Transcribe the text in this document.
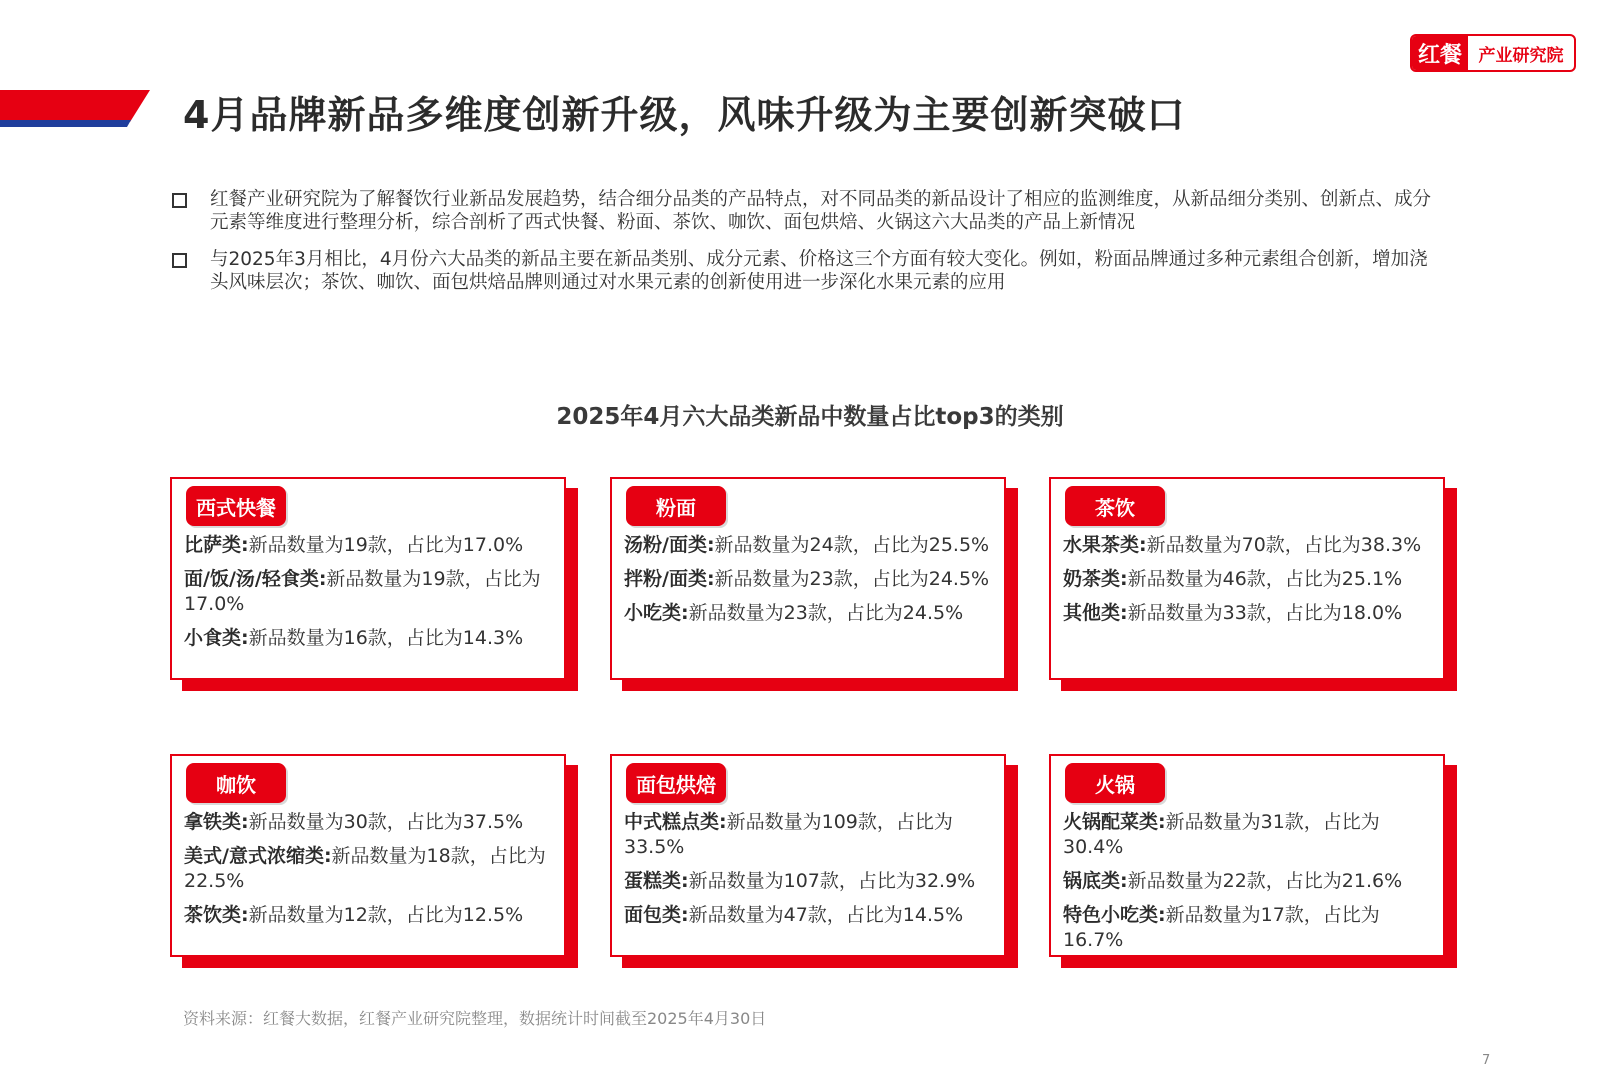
红餐 产业研究院
4月品牌新品多维度创新升级，风味升级为主要创新突破口
红餐产业研究院为了解餐饮行业新品发展趋势，结合细分品类的产品特点，对不同品类的新品设计了相应的监测维度，从新品细分类别、创新点、成分元素等维度进行整理分析，综合剖析了西式快餐、粉面、茶饮、咖饮、面包烘焙、火锅这六大品类的产品上新情况
与2025年3月相比，4月份六大品类的新品主要在新品类别、成分元素、价格这三个方面有较大变化。例如，粉面品牌通过多种元素组合创新，增加浇头风味层次；茶饮、咖饮、面包烘焙品牌则通过对水果元素的创新使用进一步深化水果元素的应用
2025年4月六大品类新品中数量占比top3的类别
西式快餐
比萨类:新品数量为19款，占比为17.0%
面/饭/汤/轻食类:新品数量为19款，占比为17.0%
小食类:新品数量为16款，占比为14.3%
粉面
汤粉/面类:新品数量为24款，占比为25.5%
拌粉/面类:新品数量为23款，占比为24.5%
小吃类:新品数量为23款，占比为24.5%
茶饮
水果茶类:新品数量为70款，占比为38.3%
奶茶类:新品数量为46款，占比为25.1%
其他类:新品数量为33款，占比为18.0%
咖饮
拿铁类:新品数量为30款，占比为37.5%
美式/意式浓缩类:新品数量为18款，占比为22.5%
茶饮类:新品数量为12款，占比为12.5%
面包烘焙
中式糕点类:新品数量为109款，占比为33.5%
蛋糕类:新品数量为107款，占比为32.9%
面包类:新品数量为47款，占比为14.5%
火锅
火锅配菜类:新品数量为31款，占比为30.4%
锅底类:新品数量为22款，占比为21.6%
特色小吃类:新品数量为17款，占比为16.7%

资料来源：红餐大数据，红餐产业研究院整理，数据统计时间截至2025年4月30日

7
